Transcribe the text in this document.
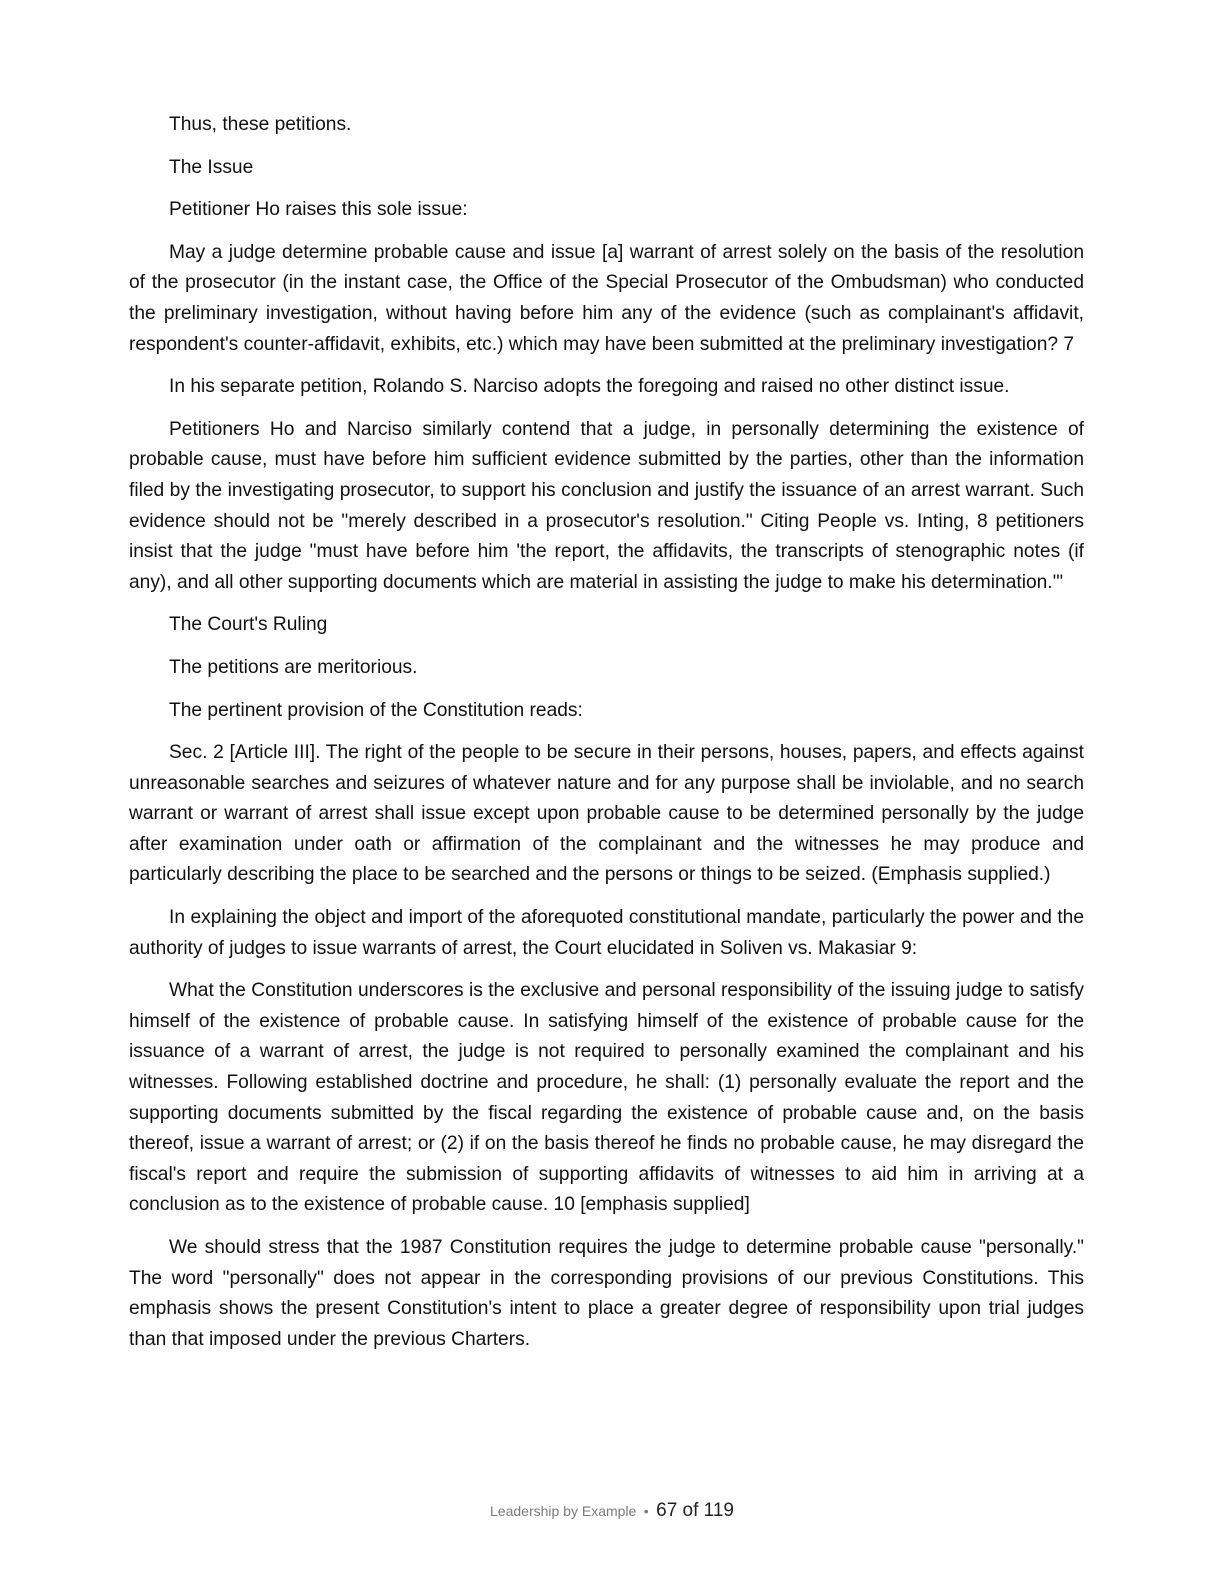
Thus, these petitions.

The Issue

Petitioner Ho raises this sole issue:

May a judge determine probable cause and issue [a] warrant of arrest solely on the basis of the resolution of the prosecutor (in the instant case, the Office of the Special Prosecutor of the Ombudsman) who conducted the preliminary investigation, without having before him any of the evidence (such as complainant's affidavit, respondent's counter-affidavit, exhibits, etc.) which may have been submitted at the preliminary investigation? 7

In his separate petition, Rolando S. Narciso adopts the foregoing and raised no other distinct issue.

Petitioners Ho and Narciso similarly contend that a judge, in personally determining the existence of probable cause, must have before him sufficient evidence submitted by the parties, other than the information filed by the investigating prosecutor, to support his conclusion and justify the issuance of an arrest warrant. Such evidence should not be "merely described in a prosecutor's resolution." Citing People vs. Inting, 8 petitioners insist that the judge "must have before him 'the report, the affidavits, the transcripts of stenographic notes (if any), and all other supporting documents which are material in assisting the judge to make his determination.'"

The Court's Ruling

The petitions are meritorious.

The pertinent provision of the Constitution reads:

Sec. 2 [Article III]. The right of the people to be secure in their persons, houses, papers, and effects against unreasonable searches and seizures of whatever nature and for any purpose shall be inviolable, and no search warrant or warrant of arrest shall issue except upon probable cause to be determined personally by the judge after examination under oath or affirmation of the complainant and the witnesses he may produce and particularly describing the place to be searched and the persons or things to be seized. (Emphasis supplied.)

In explaining the object and import of the aforequoted constitutional mandate, particularly the power and the authority of judges to issue warrants of arrest, the Court elucidated in Soliven vs. Makasiar 9:

What the Constitution underscores is the exclusive and personal responsibility of the issuing judge to satisfy himself of the existence of probable cause. In satisfying himself of the existence of probable cause for the issuance of a warrant of arrest, the judge is not required to personally examined the complainant and his witnesses. Following established doctrine and procedure, he shall: (1) personally evaluate the report and the supporting documents submitted by the fiscal regarding the existence of probable cause and, on the basis thereof, issue a warrant of arrest; or (2) if on the basis thereof he finds no probable cause, he may disregard the fiscal's report and require the submission of supporting affidavits of witnesses to aid him in arriving at a conclusion as to the existence of probable cause. 10 [emphasis supplied]

We should stress that the 1987 Constitution requires the judge to determine probable cause "personally." The word "personally" does not appear in the corresponding provisions of our previous Constitutions. This emphasis shows the present Constitution's intent to place a greater degree of responsibility upon trial judges than that imposed under the previous Charters.

Leadership by Example • 67 of 119
